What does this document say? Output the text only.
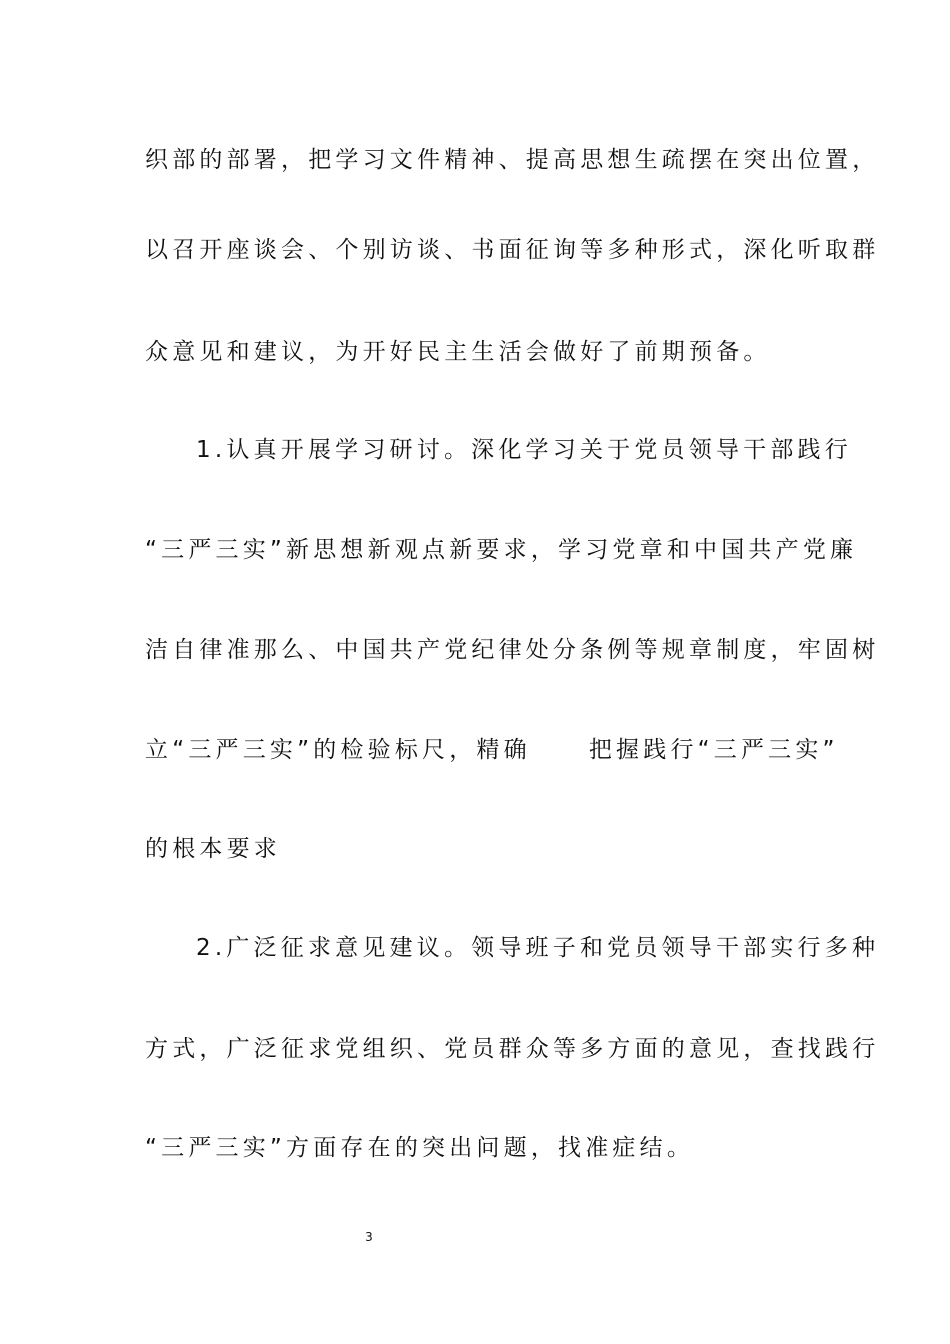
织部的部署，把学习文件精神、提高思想生疏摆在突出位置，
以召开座谈会、个别访谈、书面征询等多种形式，深化听取群
众意见和建议，为开好民主生活会做好了前期预备。
1.认真开展学习研讨。深化学习关于党员领导干部践行
“三严三实”新思想新观点新要求，学习党章和中国共产党廉
洁自律准那么、中国共产党纪律处分条例等规章制度，牢固树
立“三严三实”的检验标尺，精确	把握践行“三严三实”
的根本要求
2.广泛征求意见建议。领导班子和党员领导干部实行多种
方式，广泛征求党组织、党员群众等多方面的意见，查找践行
“三严三实”方面存在的突出问题，找准症结。
3
